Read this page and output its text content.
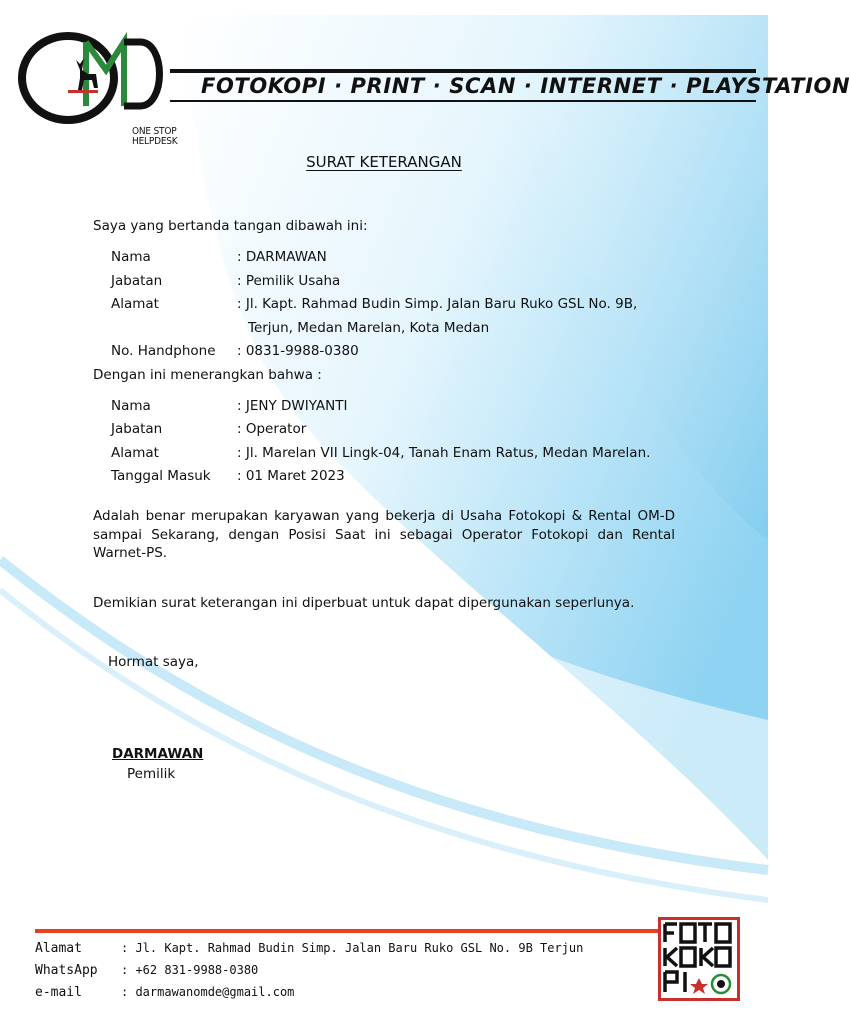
ONE STOP
HELPDESK
FOTOKOPI · PRINT · SCAN · INTERNET · PLAYSTATION
SURAT KETERANGAN
Saya yang bertanda tangan dibawah ini:
Nama	: DARMAWAN
Jabatan	: Pemilik Usaha
Alamat	: Jl. Kapt. Rahmad Budin Simp. Jalan Baru Ruko GSL No. 9B,
Terjun, Medan Marelan, Kota Medan
No. Handphone : 0831-9988-0380
Dengan ini menerangkan bahwa :
Nama	: JENY DWIYANTI
Jabatan	: Operator
Alamat	: Jl. Marelan VII Lingk-04, Tanah Enam Ratus, Medan Marelan.
Tanggal Masuk : 01 Maret 2023
Adalah benar merupakan karyawan yang bekerja di Usaha Fotokopi & Rental OM-D sampai Sekarang, dengan Posisi Saat ini sebagai Operator Fotokopi dan Rental Warnet-PS.
Demikian surat keterangan ini diperbuat untuk dapat dipergunakan seperlunya.
Hormat saya,
DARMAWAN
Pemilik
Alamat	: Jl. Kapt. Rahmad Budin Simp. Jalan Baru Ruko GSL No. 9B Terjun
WhatsApp : +62 831-9988-0380
e-mail	: darmawanomde@gmail.com
